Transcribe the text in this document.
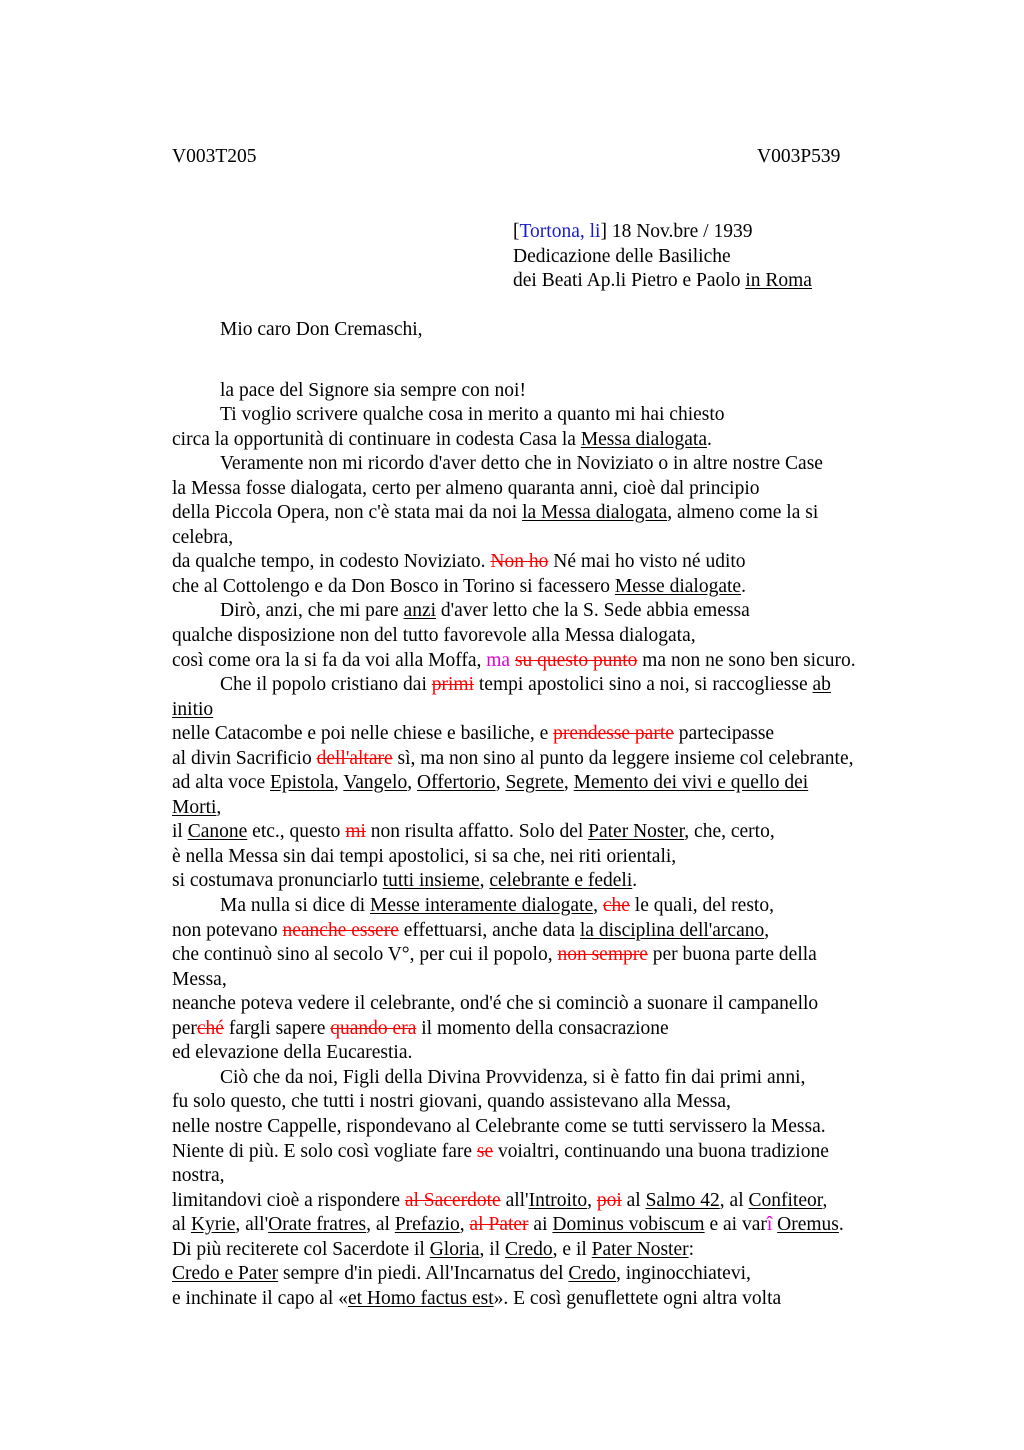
V003T205	V003P539
[Tortona, li] 18 Nov.bre / 1939
Dedicazione delle Basiliche
dei Beati Ap.li Pietro e Paolo in Roma
Mio caro Don Cremaschi,
la pace del Signore sia sempre con noi!
Ti voglio scrivere qualche cosa in merito a quanto mi hai chiesto
circa la opportunità di continuare in codesta Casa la Messa dialogata.
Veramente non mi ricordo d'aver detto che in Noviziato o in altre nostre Case
la Messa fosse dialogata, certo per almeno quaranta anni, cioè dal principio
della Piccola Opera, non c'è stata mai da noi la Messa dialogata, almeno come la si
celebra,
da qualche tempo, in codesto Noviziato. Non ho Né mai ho visto né udito
che al Cottolengo e da Don Bosco in Torino si facessero Messe dialogate.
Dirò, anzi, che mi pare anzi d'aver letto che la S. Sede abbia emessa
qualche disposizione non del tutto favorevole alla Messa dialogata,
così come ora la si fa da voi alla Moffa, ma su questo punto ma non ne sono ben sicuro.
Che il popolo cristiano dai primi tempi apostolici sino a noi, si raccogliesse ab
initio
nelle Catacombe e poi nelle chiese e basiliche, e prendesse parte partecipasse
al divin Sacrificio dell'altare sì, ma non sino al punto da leggere insieme col celebrante,
ad alta voce Epistola, Vangelo, Offertorio, Segrete, Memento dei vivi e quello dei
Morti,
il Canone etc., questo mi non risulta affatto. Solo del Pater Noster, che, certo,
è nella Messa sin dai tempi apostolici, si sa che, nei riti orientali,
si costumava pronunciarlo tutti insieme, celebrante e fedeli.
Ma nulla si dice di Messe interamente dialogate, che le quali, del resto,
non potevano neanche essere effettuarsi, anche data la disciplina dell'arcano,
che continuò sino al secolo V°, per cui il popolo, non sempre per buona parte della
Messa,
neanche poteva vedere il celebrante, ond'é che si cominciò a suonare il campanello
perché fargli sapere quando era il momento della consacrazione
ed elevazione della Eucarestia.
Ciò che da noi, Figli della Divina Provvidenza, si è fatto fin dai primi anni,
fu solo questo, che tutti i nostri giovani, quando assistevano alla Messa,
nelle nostre Cappelle, rispondevano al Celebrante come se tutti servissero la Messa.
Niente di più. E solo così vogliate fare se voialtri, continuando una buona tradizione
nostra,
limitandovi cioè a rispondere al Sacerdote all'Introito, poi al Salmo 42, al Confiteor,
al Kyrie, all'Orate fratres, al Prefazio, al Pater ai Dominus vobiscum e ai varî Oremus.
Di più reciterete col Sacerdote il Gloria, il Credo, e il Pater Noster:
Credo e Pater sempre d'in piedi. All'Incarnatus del Credo, inginocchiatevi,
e inchinate il capo al «et Homo factus est». E così genuflettete ogni altra volta
